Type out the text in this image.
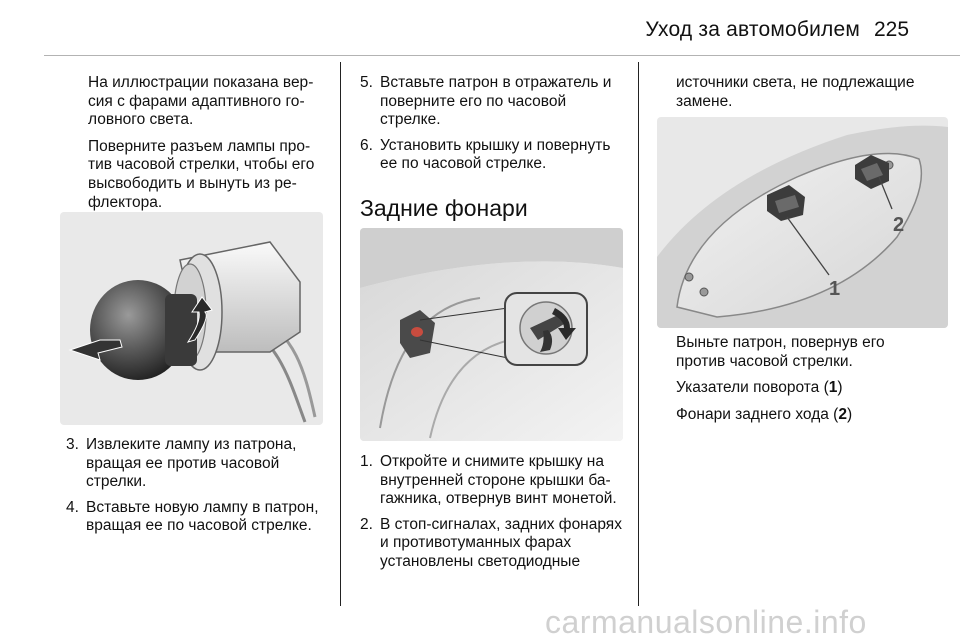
Уход за автомобилем 225

На иллюстрации показана версия с фарами адаптивного головного света.

Поверните разъем лампы против часовой стрелки, чтобы его высвободить и вынуть из рефлектора.

3. Извлеките лампу из патрона, вращая ее против часовой стрелки.
4. Вставьте новую лампу в патрон, вращая ее по часовой стрелке.
5. Вставьте патрон в отражатель и поверните его по часовой стрелке.
6. Установить крышку и повернуть ее по часовой стрелке.
Задние фонари
1. Откройте и снимите крышку на внутренней стороне крышки багажника, отвернув винт монетой.
2. В стоп-сигналах, задних фонарях и противотуманных фарах установлены светодиодные

источники света, не подлежащие замене.

1
2

Выньте патрон, повернув его против часовой стрелки.

Указатели поворота (1)

Фонари заднего хода (2)

carmanualsonline.info
